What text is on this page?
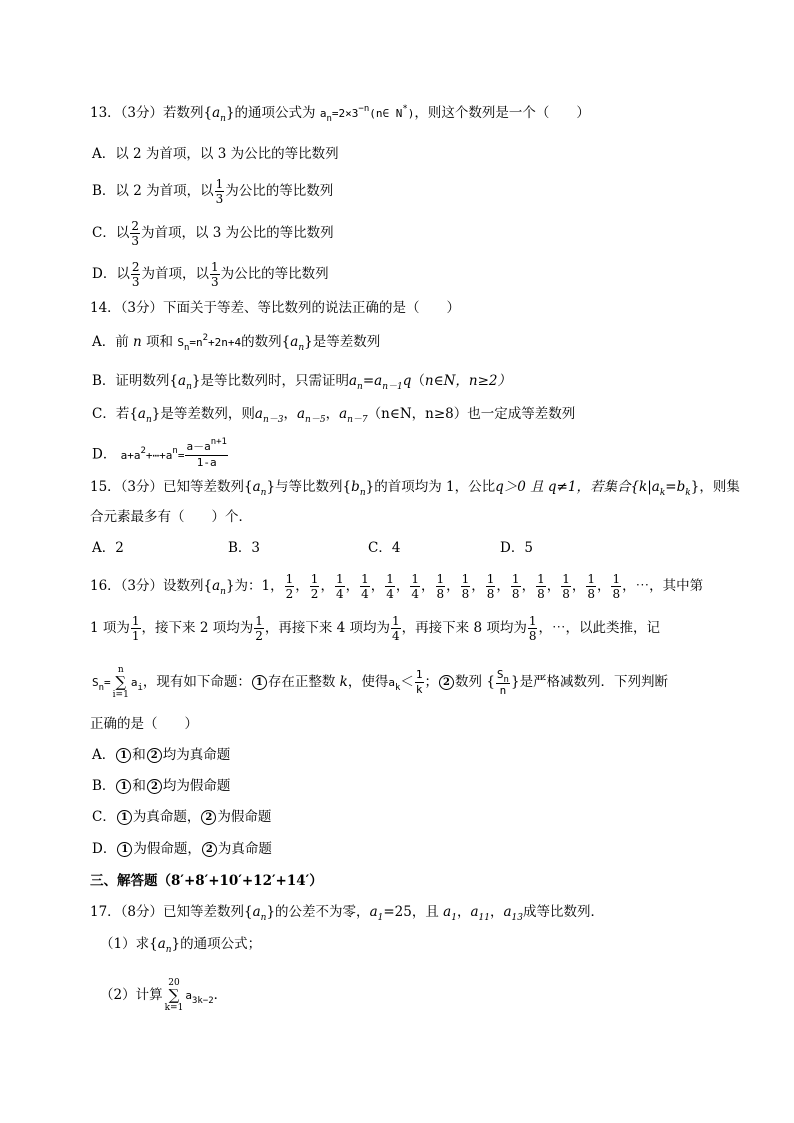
13．（3分）若数列$\{a_n\}$的通项公式为 $a_n=2\times 3^{-n}(n\in$ N*)，则这个数列是一个（　　）
A．以 2 为首项，以 3 为公比的等比数列
B．以 2 为首项，以 $\frac{1}{3}$ 为公比的等比数列
C．以 $\frac{2}{3}$ 为首项，以 3 为公比的等比数列
D．以 $\frac{2}{3}$ 为首项，以 $\frac{1}{3}$ 为公比的等比数列
14．（3分）下面关于等差、等比数列的说法正确的是（　　）
A．前 n 项和 $S_n=n^2+2n+4$的数列$\{a_n\}$是等差数列
B．证明数列$\{a_n\}$是等比数列时，只需证明$a_n=a_{n-1}q(n\in N$，n≥2）
C．若$\{a_n\}$是等差数列，则$a_{n-3}$，$a_{n-5}$，$a_{n-7}(n\in N$，n≥8）也一定成等差数列
D． $a+a^2+\cdots+a^n= \frac{a-a^{n+1}}{1-a}$
15．（3分）已知等差数列$\{a_n\}$与等比数列$\{b_n\}$的首项均为 1，公比q＞0 且 q≠1，若集合$\{k|a_k=b_k\}$，则集
合元素最多有（　　）个．
A．2	B．3	C．4	D．5
16．（3分）设数列$\{a_n\}$为：1， $\frac{1}{2}$ ， $\frac{1}{2}$ ， $\frac{1}{4}$ ， $\frac{1}{4}$ ， $\frac{1}{4}$ ， $\frac{1}{4}$ ， $\frac{1}{8}$ ， $\frac{1}{8}$ ， $\frac{1}{8}$ ， $\frac{1}{8}$ ， $\frac{1}{8}$ ， $\frac{1}{8}$ ， $\frac{1}{8}$ ， $\frac{1}{8}$ ，⋯，其中第
1 项为 $\frac{1}{1}$ ，接下来 2 项均为 $\frac{1}{2}$ ，再接下来 4 项均为 $\frac{1}{4}$ ，再接下来 8 项均为 $\frac{1}{8}$ ，⋯，以此类推，记
$S_n=n$
∑
$i=1a_i$，现有如下命题： 1 存在正整数 k，使得$a_k< \frac{1}{k}$ ； 2 数列 { $\frac{S_n}{n}$ }是严格减数列．下列判断
正确的是（　　）
A． 1 和 2 均为真命题
B． 1 和 2 均为假命题
C． 1 为真命题， 2 为假命题
D． 1 为假命题， 2 为真命题
三、解答题（8′+8′+10′+12′+14′）
17．（8分）已知等差数列$\{a_n\}$的公差不为零，$a_1=25$，且 $a_1$，$a_{11}$，$a_{13}$成等比数列．
（1）求$\{a_n\}$的通项公式；
（2）计算20
∑
$k=1a_{3k-2}$．
